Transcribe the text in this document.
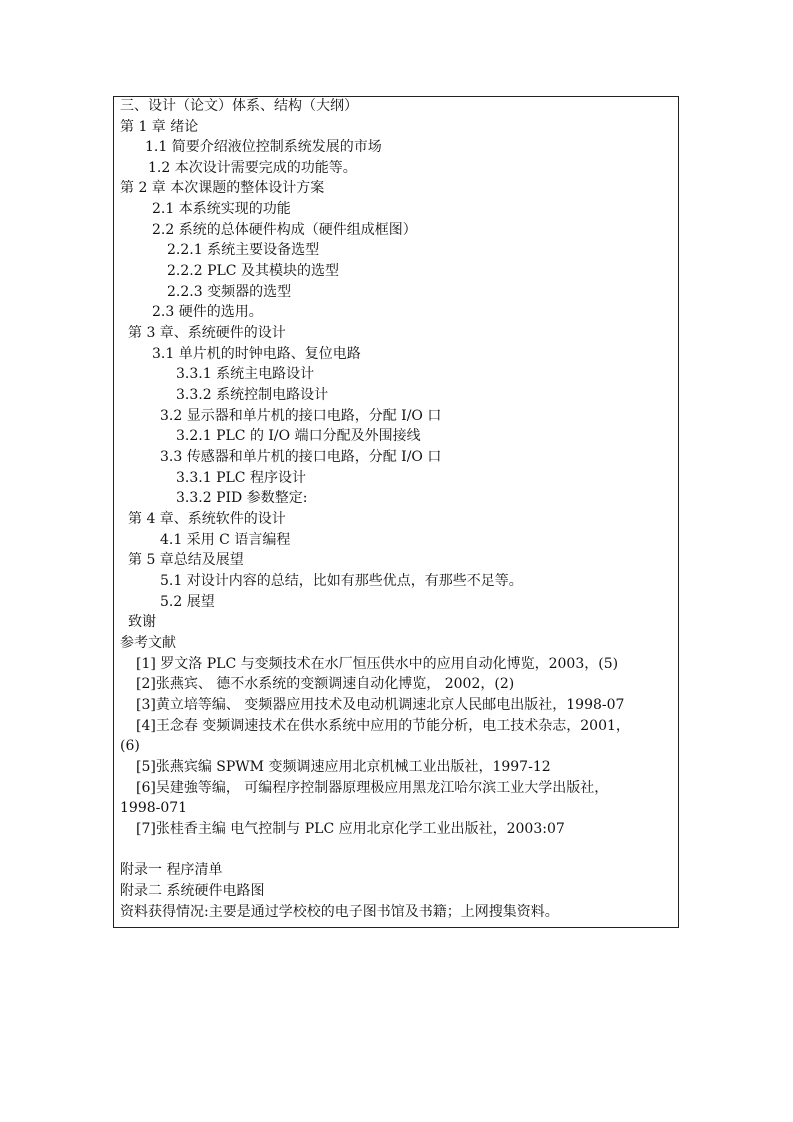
三、设计（论文）体系、结构（大纲）
第 1 章 绪论
1.1 简要介绍液位控制系统发展的市场
1.2 本次设计需要完成的功能等。
第 2 章 本次课题的整体设计方案
2.1 本系统实现的功能
2.2 系统的总体硬件构成（硬件组成框图）
2.2.1 系统主要设备选型
2.2.2 PLC 及其模块的选型
2.2.3 变频器的选型
2.3 硬件的选用。
第 3 章、系统硬件的设计
3.1 单片机的时钟电路、复位电路
3.3.1 系统主电路设计
3.3.2 系统控制电路设计
3.2 显示器和单片机的接口电路，分配 I/O 口
3.2.1 PLC 的 I/O 端口分配及外围接线
3.3 传感器和单片机的接口电路，分配 I/O 口
3.3.1 PLC 程序设计
3.3.2 PID 参数整定:
第 4 章、系统软件的设计
4.1 采用 C 语言编程
第 5 章总结及展望
5.1 对设计内容的总结，比如有那些优点，有那些不足等。
5.2 展望
致谢
参考文献
[1] 罗文洛 PLC 与变频技术在水厂恒压供水中的应用自动化博览，2003，(5)
[2]张燕宾、 德不水系统的变额调速自动化博览， 2002，(2)
[3]黄立培等编、 变频器应用技术及电动机调速北京人民邮电出版社，1998-07
[4]王念春 变频调速技术在供水系统中应用的节能分析，电工技术杂志，2001，
(6)
[5]张燕宾编 SPWM 变频调速应用北京机械工业出版社，1997-12
[6]吴建強等编， 可编程序控制器原理极应用黑龙江哈尔滨工业大学出版社，
1998-071
[7]张桂香主编 电气控制与 PLC 应用北京化学工业出版社，2003:07
附录一 程序清单
附录二 系统硬件电路图
资料获得情况:主要是通过学校校的电子图书馆及书籍；上网搜集资料。
